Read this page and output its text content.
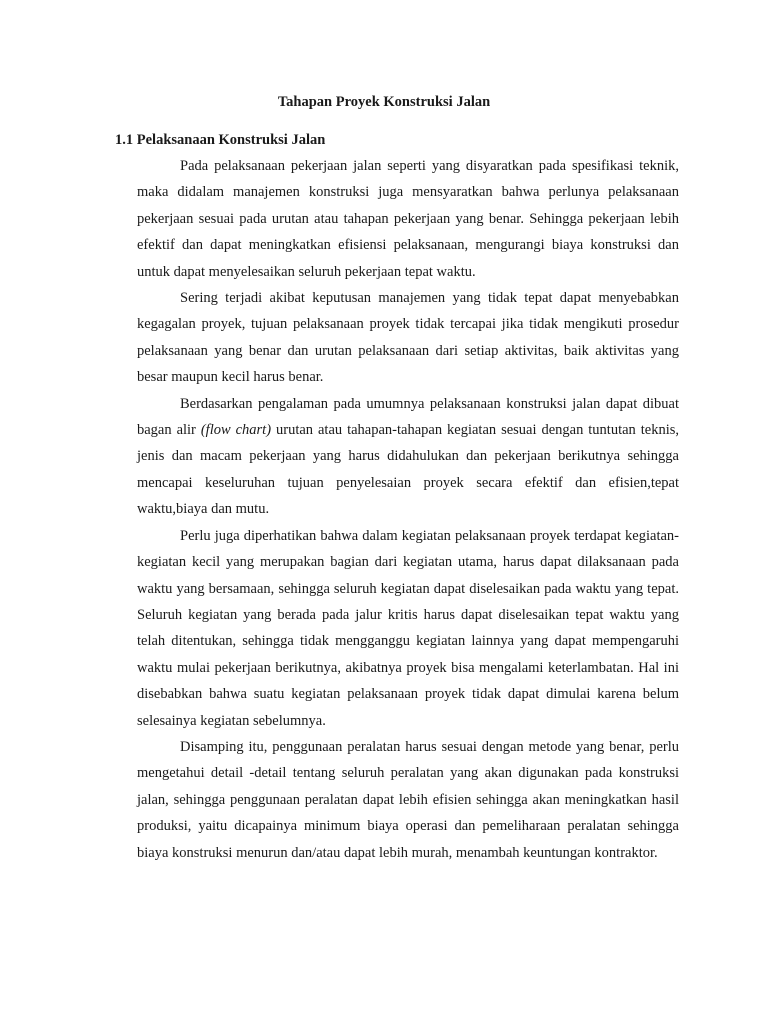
Tahapan Proyek Konstruksi Jalan
1.1 Pelaksanaan Konstruksi Jalan

Pada pelaksanaan pekerjaan jalan seperti yang disyaratkan pada spesifikasi teknik, maka didalam manajemen konstruksi juga mensyaratkan bahwa perlunya pelaksanaan pekerjaan sesuai pada urutan atau tahapan pekerjaan yang benar. Sehingga pekerjaan lebih efektif dan dapat meningkatkan efisiensi pelaksanaan, mengurangi biaya konstruksi dan untuk dapat menyelesaikan seluruh pekerjaan tepat waktu.

Sering terjadi akibat keputusan manajemen yang tidak tepat dapat menyebabkan kegagalan proyek, tujuan pelaksanaan proyek tidak tercapai jika tidak mengikuti prosedur pelaksanaan yang benar dan urutan pelaksanaan dari setiap aktivitas, baik aktivitas yang besar maupun kecil harus benar.

Berdasarkan pengalaman pada umumnya pelaksanaan konstruksi jalan dapat dibuat bagan alir (flow chart) urutan atau tahapan-tahapan kegiatan sesuai dengan tuntutan teknis, jenis dan macam pekerjaan yang harus didahulukan dan pekerjaan berikutnya sehingga mencapai keseluruhan tujuan penyelesaian proyek secara efektif dan efisien,tepat waktu,biaya dan mutu.

Perlu juga diperhatikan bahwa dalam kegiatan pelaksanaan proyek terdapat kegiatan-kegiatan kecil yang merupakan bagian dari kegiatan utama, harus dapat dilaksanaan pada waktu yang bersamaan, sehingga seluruh kegiatan dapat diselesaikan pada waktu yang tepat. Seluruh kegiatan yang berada pada jalur kritis harus dapat diselesaikan tepat waktu yang telah ditentukan, sehingga tidak mengganggu kegiatan lainnya yang dapat mempengaruhi waktu mulai pekerjaan berikutnya, akibatnya proyek bisa mengalami keterlambatan. Hal ini disebabkan bahwa suatu kegiatan pelaksanaan proyek tidak dapat dimulai karena belum selesainya kegiatan sebelumnya.

Disamping itu, penggunaan peralatan harus sesuai dengan metode yang benar, perlu mengetahui detail -detail tentang seluruh peralatan yang akan digunakan pada konstruksi jalan, sehingga penggunaan peralatan dapat lebih efisien sehingga akan meningkatkan hasil produksi, yaitu dicapainya minimum biaya operasi dan pemeliharaan peralatan sehingga biaya konstruksi menurun dan/atau dapat lebih murah, menambah keuntungan kontraktor.
